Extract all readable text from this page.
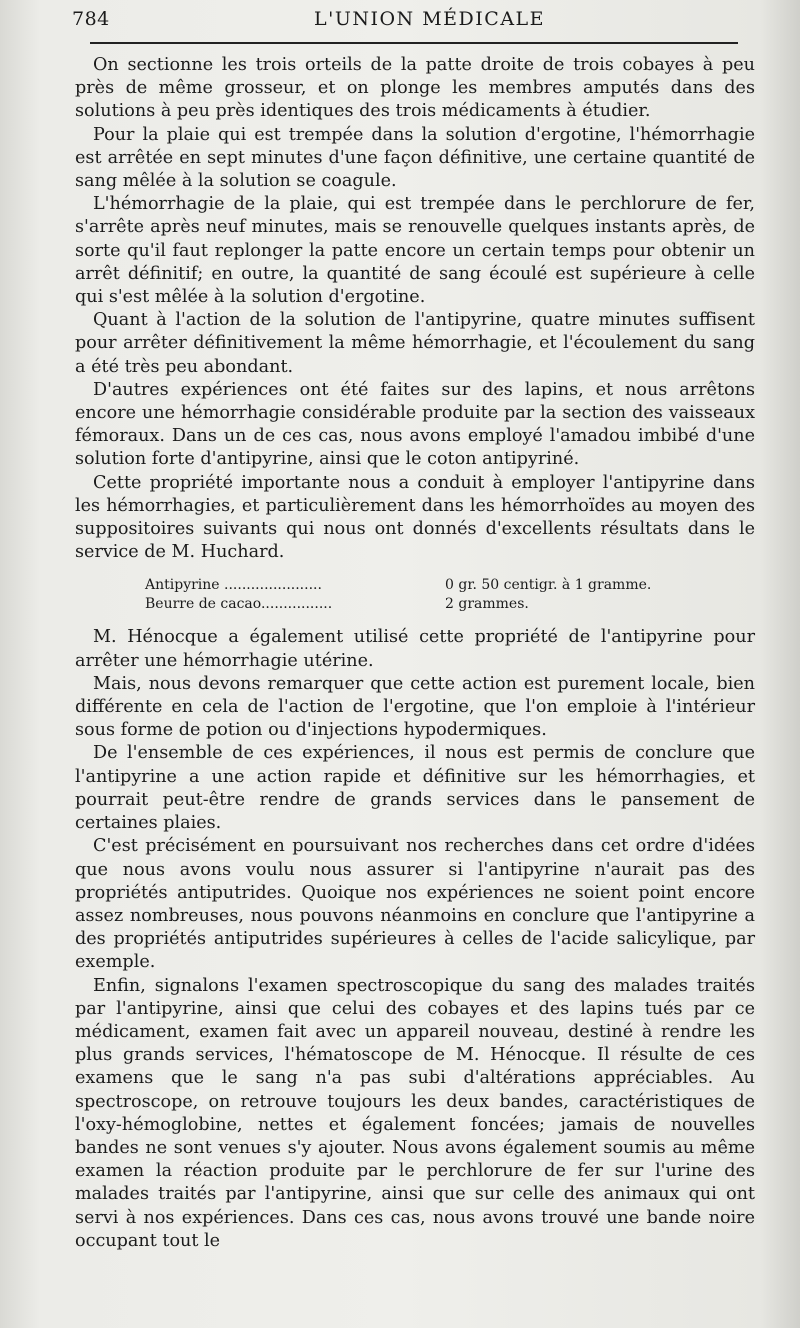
784	L'UNION MÉDICALE

On sectionne les trois orteils de la patte droite de trois cobayes à peu près de même grosseur, et on plonge les membres amputés dans des solutions à peu près identiques des trois médicaments à étudier.

Pour la plaie qui est trempée dans la solution d'ergotine, l'hémorrhagie est arrêtée en sept minutes d'une façon définitive, une certaine quantité de sang mêlée à la solution se coagule.

L'hémorrhagie de la plaie, qui est trempée dans le perchlorure de fer, s'arrête après neuf minutes, mais se renouvelle quelques instants après, de sorte qu'il faut replonger la patte encore un certain temps pour obtenir un arrêt définitif; en outre, la quantité de sang écoulé est supérieure à celle qui s'est mêlée à la solution d'ergotine.

Quant à l'action de la solution de l'antipyrine, quatre minutes suffisent pour arrêter définitivement la même hémorrhagie, et l'écoulement du sang a été très peu abondant.

D'autres expériences ont été faites sur des lapins, et nous arrêtons encore une hémorrhagie considérable produite par la section des vaisseaux fémoraux. Dans un de ces cas, nous avons employé l'amadou imbibé d'une solution forte d'antipyrine, ainsi que le coton antipyriné.

Cette propriété importante nous a conduit à employer l'antipyrine dans les hémorrhagies, et particulièrement dans les hémorrhoïdes au moyen des suppositoires suivants qui nous ont donnés d'excellents résultats dans le service de M. Huchard.

Antipyrine ......................	0 gr. 50 centigr. à 1 gramme.
Beurre de cacao................	2 grammes.

M. Hénocque a également utilisé cette propriété de l'antipyrine pour arrêter une hémorrhagie utérine.

Mais, nous devons remarquer que cette action est purement locale, bien différente en cela de l'action de l'ergotine, que l'on emploie à l'intérieur sous forme de potion ou d'injections hypodermiques.

De l'ensemble de ces expériences, il nous est permis de conclure que l'antipyrine a une action rapide et définitive sur les hémorrhagies, et pourrait peut-être rendre de grands services dans le pansement de certaines plaies.

C'est précisément en poursuivant nos recherches dans cet ordre d'idées que nous avons voulu nous assurer si l'antipyrine n'aurait pas des propriétés antiputrides. Quoique nos expériences ne soient point encore assez nombreuses, nous pouvons néanmoins en conclure que l'antipyrine a des propriétés antiputrides supérieures à celles de l'acide salicylique, par exemple.

Enfin, signalons l'examen spectroscopique du sang des malades traités par l'antipyrine, ainsi que celui des cobayes et des lapins tués par ce médicament, examen fait avec un appareil nouveau, destiné à rendre les plus grands services, l'hématoscope de M. Hénocque. Il résulte de ces examens que le sang n'a pas subi d'altérations appréciables. Au spectroscope, on retrouve toujours les deux bandes, caractéristiques de l'oxy-hémoglobine, nettes et également foncées; jamais de nouvelles bandes ne sont venues s'y ajouter. Nous avons également soumis au même examen la réaction produite par le perchlorure de fer sur l'urine des malades traités par l'antipyrine, ainsi que sur celle des animaux qui ont servi à nos expériences. Dans ces cas, nous avons trouvé une bande noire occupant tout le
